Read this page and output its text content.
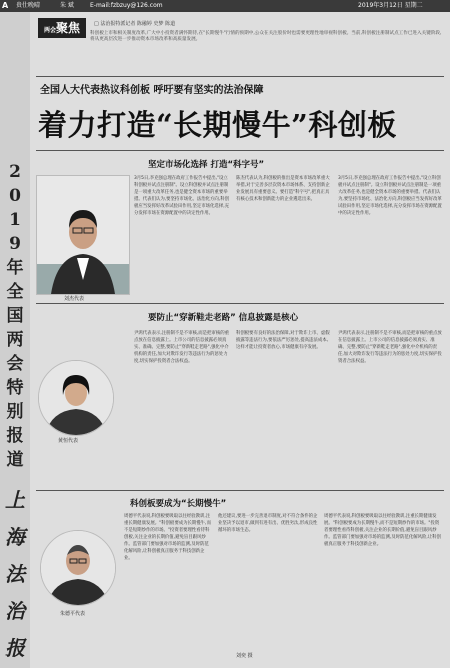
A 贵仕晚晴	朱 斌	E-mail:fzbzuy@126.com	2019年3月12日 星期二
2
0
1
9
年
全
国
两
会
特
别
报
道
上
海
法
治
报
两会聚焦	□ 法治报特派记者 陈融婷 史梦 陈道
科创板上市和相关制度改革,广大中小投资者满怀期待,在"长期慢牛"行情的预期中,公众在关注股价时也需要更理性地审视科创板。当前,科创板注册制试点工作已进入关键阶段,将从更高层次进一步推动资本市场改革和高质量发展。
全国人大代表热议科创板 呼吁要有坚实的法治保障
着力打造“长期慢牛”科创板
坚定市场化选择 打造“科字号”
刘杰代表
3月5日,李克强总理在政府工作报告中提出,"设立科创板并试点注册制"。设立科创板并试点注册制是一项重大改革任务,也是健全资本市场的重要举措。代表们认为,要坚持市场化、法治化方向,科创板应当发挥好改革试验田作用,坚定市场化选择,充分发挥市场在资源配置中的决定性作用。
陈杰代表认为,科创板的推出是资本市场改革重大举措,对于完善多层次资本市场体系、支持创新企业发展具有重要意义。要打造"科字号",把真正具有核心技术和创新能力的企业遴选出来。
3月5日,李克强总理在政府工作报告中提出,"设立科创板并试点注册制"。设立科创板并试点注册制是一项重大改革任务,也是健全资本市场的重要举措。代表们认为,要坚持市场化、法治化方向,科创板应当发挥好改革试验田作用,坚定市场化选择,充分发挥市场在资源配置中的决定性作用。
要防止“穿新鞋走老路” 信息披露是核心
黄恒代表
尹鸿代表表示,注册制不是不审核,而是把审核的重点放在信息披露上。上市公司的信息披露必须真实、准确、完整,要防止"穿新鞋走老路",强化中介机构的责任,加大对欺诈发行等违法行为的惩处力度,切实保护投资者合法权益。
科创板要有良好的法治保障,对于欺诈上市、虚假披露等违法行为,要依法严厉惩处,提高违法成本,这样才能让投资者放心,市场健康有序发展。
尹鸿代表表示,注册制不是不审核,而是把审核的重点放在信息披露上。上市公司的信息披露必须真实、准确、完整,要防止"穿新鞋走老路",强化中介机构的责任,加大对欺诈发行等违法行为的惩处力度,切实保护投资者合法权益。
科创板要成为“长期慢牛”
朱德平代表
周德平代表说,科创板要吸取以往经验教训,注重长期健康发展。"科创板要成为长期慢牛,而不是短期炒作的市场。"投资者要理性看待科创板,关注企业的长期价值,避免盲目跟风炒作。监管部门要加强对市场的监测,及时防范化解风险,让科创板真正服务于科技创新企业。
他还建议,要进一步完善退市制度,对不符合条件的企业坚决予以退市,做到有进有出、优胜劣汰,形成良性循环的市场生态。
周德平代表说,科创板要吸取以往经验教训,注重长期健康发展。"科创板要成为长期慢牛,而不是短期炒作的市场。"投资者要理性看待科创板,关注企业的长期价值,避免盲目跟风炒作。监管部门要加强对市场的监测,及时防范化解风险,让科创板真正服务于科技创新企业。
刘奕 摄
